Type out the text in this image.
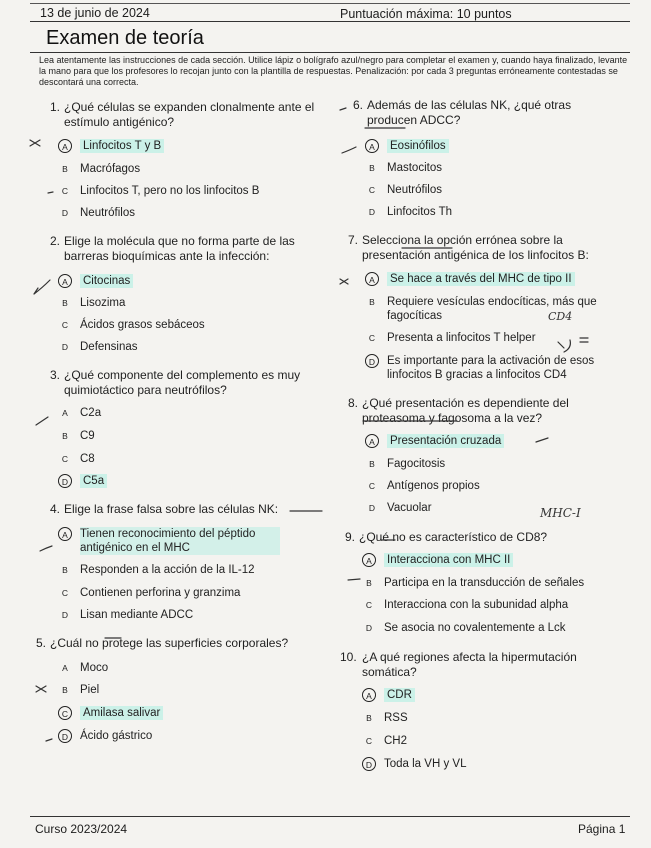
13 de junio de 2024	Puntuación máxima: 10 puntos
Examen de teoría
Lea atentamente las instrucciones de cada sección. Utilice lápiz o bolígrafo azul/negro para completar el examen y, cuando haya finalizado, levante la mano para que los profesores lo recojan junto con la plantilla de respuestas. Penalización: por cada 3 preguntas erróneamente contestadas se descontará una correcta.
1. ¿Qué células se expanden clonalmente ante el estímulo antigénico?
A	Linfocitos T y B
B	Macrófagos
C	Linfocitos T, pero no los linfocitos B
D	Neutrófilos
2. Elige la molécula que no forma parte de las barreras bioquímicas ante la infección:
A	Citocinas
B	Lisozima
C	Ácidos grasos sebáceos
D	Defensinas
3. ¿Qué componente del complemento es muy quimiotáctico para neutrófilos?
A	C2a
B	C9
C	C8
D	C5a
4. Elige la frase falsa sobre las células NK:
A	Tienen reconocimiento del péptido antigénico en el MHC
B	Responden a la acción de la IL-12
C	Contienen perforina y granzima
D	Lisan mediante ADCC
5. ¿Cuál no protege las superficies corporales?
A	Moco
B	Piel
C	Amilasa salivar
D	Ácido gástrico
6. Además de las células NK, ¿qué otras producen ADCC?
A	Eosinófilos
B	Mastocitos
C	Neutrófilos
D	Linfocitos Th
7. Selecciona la opción errónea sobre la presentación antigénica de los linfocitos B:
A	Se hace a través del MHC de tipo II
B	Requiere vesículas endocíticas, más que fagocíticas
C	Presenta a linfocitos T helper
D	Es importante para la activación de esos linfocitos B gracias a linfocitos CD4
8. ¿Qué presentación es dependiente del proteasoma y fagosoma a la vez?
A	Presentación cruzada
B	Fagocitosis
C	Antígenos propios
D	Vacuolar
9. ¿Qué no es característico de CD8?
A	Interacciona con MHC II
B	Participa en la transducción de señales
C	Interacciona con la subunidad alpha
D	Se asocia no covalentemente a Lck
10. ¿A qué regiones afecta la hipermutación somática?
A	CDR
B	RSS
C	CH2
D	Toda la VH y VL
CD4
MHC-I
Curso 2023/2024	Página 1
